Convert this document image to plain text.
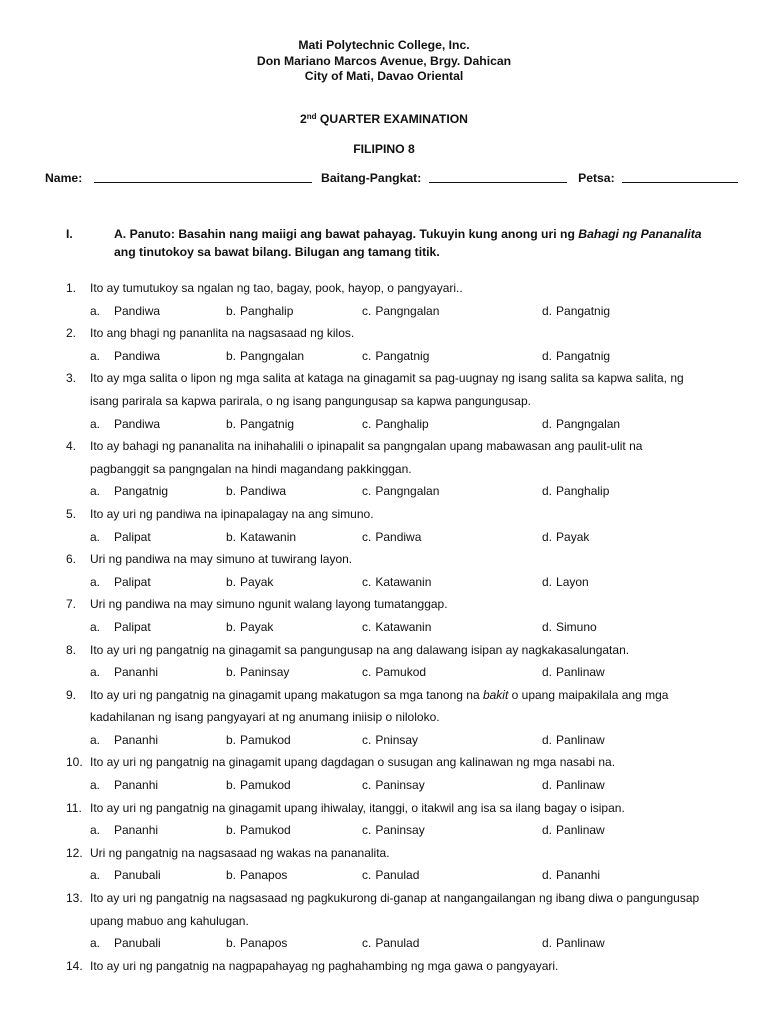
Mati Polytechnic College, Inc.
Don Mariano Marcos Avenue, Brgy. Dahican
City of Mati, Davao Oriental
2nd QUARTER EXAMINATION
FILIPINO 8
Name:	Baitang-Pangkat:	Petsa:
I.	A. Panuto: Basahin nang maiigi ang bawat pahayag. Tukuyin kung anong uri ng Bahagi ng Pananalita
ang tinutokoy sa bawat bilang. Bilugan ang tamang titik.
1. Ito ay tumutukoy sa ngalan ng tao, bagay, pook, hayop, o pangyayari..
a. Pandiwa	b. Panghalip	c. Pangngalan	d. Pangatnig
2. Ito ang bhagi ng pananlita na nagsasaad ng kilos.
a. Pandiwa	b. Pangngalan	c. Pangatnig	d. Pangatnig
3. Ito ay mga salita o lipon ng mga salita at kataga na ginagamit sa pag-uugnay ng isang salita sa kapwa salita, ng
isang parirala sa kapwa parirala, o ng isang pangungusap sa kapwa pangungusap.
a. Pandiwa	b. Pangatnig	c. Panghalip	d. Pangngalan
4. Ito ay bahagi ng pananalita na inihahalili o ipinapalit sa pangngalan upang mabawasan ang paulit-ulit na
pagbanggit sa pangngalan na hindi magandang pakkinggan.
a. Pangatnig	b. Pandiwa	c. Pangngalan	d. Panghalip
5. Ito ay uri ng pandiwa na ipinapalagay na ang simuno.
a. Palipat	b. Katawanin	c. Pandiwa	d. Payak
6. Uri ng pandiwa na may simuno at tuwirang layon.
a. Palipat	b. Payak	c. Katawanin	d. Layon
7. Uri ng pandiwa na may simuno ngunit walang layong tumatanggap.
a. Palipat	b. Payak	c. Katawanin	d. Simuno
8. Ito ay uri ng pangatnig na ginagamit sa pangungusap na ang dalawang isipan ay nagkakasalungatan.
a. Pananhi	b. Paninsay	c. Pamukod	d. Panlinaw
9. Ito ay uri ng pangatnig na ginagamit upang makatugon sa mga tanong na bakit o upang maipakilala ang mga
kadahilanan ng isang pangyayari at ng anumang iniisip o niloloko.
a. Pananhi	b. Pamukod	c. Pninsay	d. Panlinaw
10. Ito ay uri ng pangatnig na ginagamit upang dagdagan o susugan ang kalinawan ng mga nasabi na.
a. Pananhi	b. Pamukod	c. Paninsay	d. Panlinaw
11. Ito ay uri ng pangatnig na ginagamit upang ihiwalay, itanggi, o itakwil ang isa sa ilang bagay o isipan.
a. Pananhi	b. Pamukod	c. Paninsay	d. Panlinaw
12. Uri ng pangatnig na nagsasaad ng wakas na pananalita.
a. Panubali	b. Panapos	c. Panulad	d. Pananhi
13. Ito ay uri ng pangatnig na nagsasaad ng pagkukurong di-ganap at nangangailangan ng ibang diwa o pangungusap
upang mabuo ang kahulugan.
a. Panubali	b. Panapos	c. Panulad	d. Panlinaw
14. Ito ay uri ng pangatnig na nagpapahayag ng paghahambing ng mga gawa o pangyayari.
